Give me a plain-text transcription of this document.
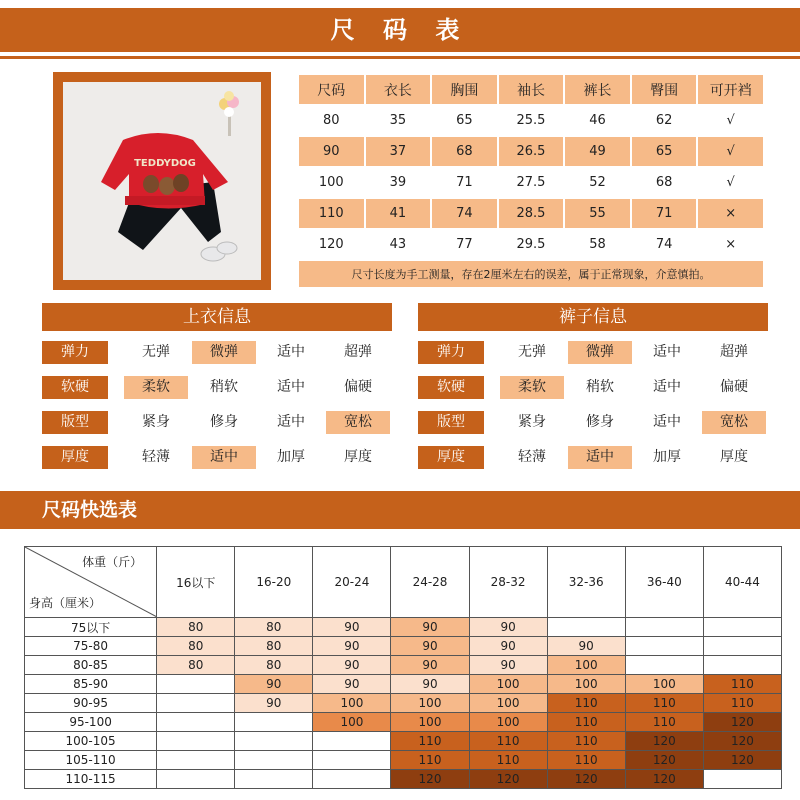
尺 码 表
TEDDYDOG
尺码	衣长	胸围	袖长	裤长	臀围	可开裆
80	35	65	25.5	46	62	√
90	37	68	26.5	49	65	√
100	39	71	27.5	52	68	√
110	41	74	28.5	55	71	×
120	43	77	29.5	58	74	×
尺寸长度为手工测量，存在2厘米左右的误差，属于正常现象，介意慎拍。						
上衣信息
弹力	无弹	微弹	适中	超弹
软硬	柔软	稍软	适中	偏硬
版型	紧身	修身	适中	宽松
厚度	轻薄	适中	加厚	厚度
裤子信息
弹力	无弹	微弹	适中	超弹
软硬	柔软	稍软	适中	偏硬
版型	紧身	修身	适中	宽松
厚度	轻薄	适中	加厚	厚度
尺码快选表
体重（斤）
身高（厘米）	16以下	16-20	20-24	24-28	28-32	32-36	36-40	40-44
75以下	80	80	90	90	90			
75-80	80	80	90	90	90	90		
80-85	80	80	90	90	90	100		
85-90		90	90	90	100	100	100	110
90-95		90	100	100	100	110	110	110
95-100			100	100	100	110	110	120
100-105				110	110	110	120	120
105-110				110	110	110	120	120
110-115				120	120	120	120	
